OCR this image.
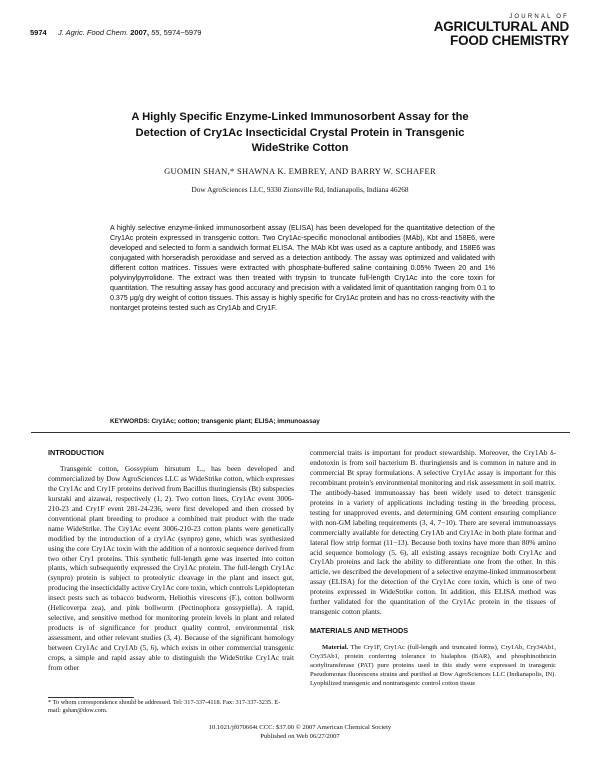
5974 J. Agric. Food Chem. 2007, 55, 5974−5979
JOURNAL OF
AGRICULTURAL AND
FOOD CHEMISTRY
A Highly Specific Enzyme-Linked Immunosorbent Assay for the
Detection of Cry1Ac Insecticidal Crystal Protein in Transgenic
WideStrike Cotton
GUOMIN SHAN,* SHAWNA K. EMBREY, AND BARRY W. SCHAFER
Dow AgroSciences LLC, 9330 Zionsville Rd, Indianapolis, Indiana 46268
A highly selective enzyme-linked immunosorbent assay (ELISA) has been developed for the quantitative detection of the Cry1Ac protein expressed in transgenic cotton. Two Cry1Ac-specific monoclonal antibodies (MAb), Kbt and 158E6, were developed and selected to form a sandwich format ELISA. The MAb Kbt was used as a capture antibody, and 158E6 was conjugated with horseradish peroxidase and served as a detection antibody. The assay was optimized and validated with different cotton matrices. Tissues were extracted with phosphate-buffered saline containing 0.05% Tween 20 and 1% polyvinylpyrrolidone. The extract was then treated with trypsin to truncate full-length Cry1Ac into the core toxin for quantitation. The resulting assay has good accuracy and precision with a validated limit of quantitation ranging from 0.1 to 0.375 μg/g dry weight of cotton tissues. This assay is highly specific for Cry1Ac protein and has no cross-reactivity with the nontarget proteins tested such as Cry1Ab and Cry1F.
KEYWORDS: Cry1Ac; cotton; transgenic plant; ELISA; immunoassay
INTRODUCTION

Transgenic cotton, Gossypium hirsutum L., has been developed and commercialized by Dow AgroSciences LLC as WideStrike cotton, which expresses the Cry1Ac and Cry1F proteins derived from Bacillus thuringiensis (Bt) subspecies kurstaki and aizawai, respectively (1, 2). Two cotton lines, Cry1Ac event 3006-210-23 and Cry1F event 281-24-236, were first developed and then crossed by conventional plant breeding to produce a combined trait product with the trade name WideStrike. The Cry1Ac event 3006-210-23 cotton plants were genetically modified by the introduction of a cry1Ac (synpro) gene, which was synthesized using the core Cry1Ac toxin with the addition of a nontoxic sequence derived from two other Cry1 proteins. This synthetic full-length gene was inserted into cotton plants, which subsequently expressed the Cry1Ac protein. The full-length Cry1Ac (synpro) protein is subject to proteolytic cleavage in the plant and insect gut, producing the insecticidally active Cry1Ac core toxin, which controls Lepidopteran insect pests such as tobacco budworm, Heliothis virescens (F.), cotton bollworm (Helicoverpa zea), and pink bollworm (Pectinophora gossypiella). A rapid, selective, and sensitive method for monitoring protein levels in plant and related products is of significance for product quality control, environmental risk assessment, and other relevant studies (3, 4). Because of the significant homology between Cry1Ac and Cry1Ab (5, 6), which exists in other commercial transgenic crops, a simple and rapid assay able to distinguish the WideStrike Cry1Ac trait from other

* To whom correspondence should be addressed. Tel: 317-337-4118. Fax: 317-337-3235. E-mail: gshan@dow.com.

commercial traits is important for product stewardship. Moreover, the Cry1Ab δ-endotoxin is from soil bacterium B. thuringiensis and is common in nature and in commercial Bt spray formulations. A selective Cry1Ac assay is important for this recombinant protein's environmental monitoring and risk assessment in soil matrix. The antibody-based immunoassay has been widely used to detect transgenic proteins in a variety of applications including testing in the breeding process, testing for unapproved events, and determining GM content ensuring compliance with non-GM labeling requirements (3, 4, 7−10). There are several immunoassays commercially available for detecting Cry1Ab and Cry1Ac in both plate format and lateral flow strip format (11−13). Because both toxins have more than 80% amino acid sequence homology (5, 6), all existing assays recognize both Cry1Ac and Cry1Ab proteins and lack the ability to differentiate one from the other. In this article, we described the development of a selective enzyme-linked immunosorbent assay (ELISA) for the detection of the Cry1Ac core toxin, which is one of two proteins expressed in WideStrike cotton. In addition, this ELISA method was further validated for the quantitation of the Cry1Ac protein in the tissues of transgenic cotton plants.

MATERIALS AND METHODS

Material. The Cry1F, Cry1Ac (full-length and truncated forms), Cry1Ab, Cry34Ab1, Cry35Ab1, protein conferring tolerance to bialaphos (BAR), and phosphinothricin acetyltransferase (PAT) pure proteins used in this study were expressed in transgenic Pseudomonas fluorescens strains and purified at Dow AgroSciences LLC (Indianapolis, IN). Lyophilized transgenic and nontransgenic control cotton tissue

10.1021/jf070664t CCC: $37.00 © 2007 American Chemical Society
Published on Web 06/27/2007
